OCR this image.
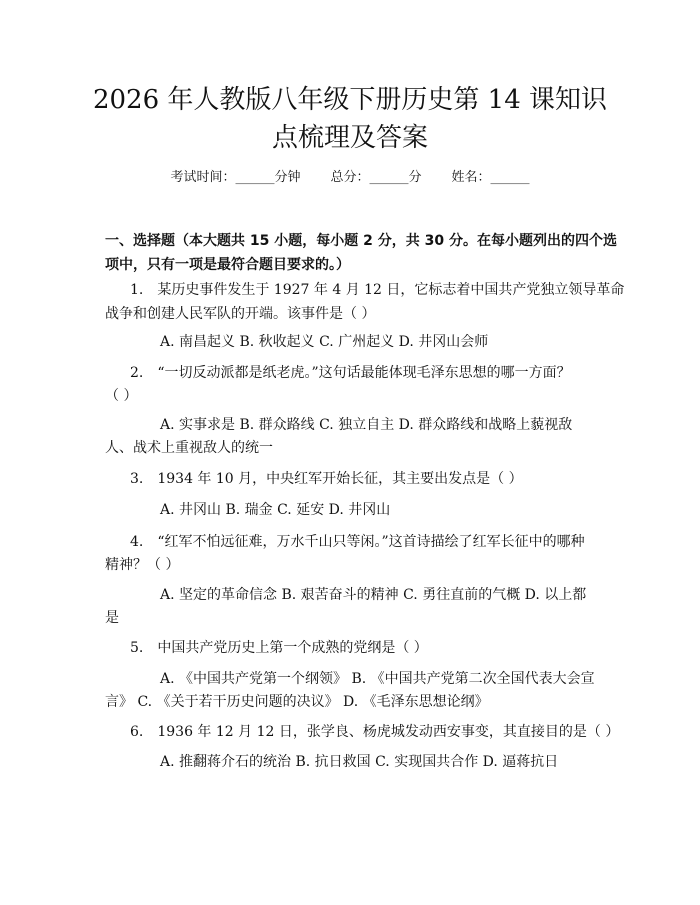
2026 年人教版八年级下册历史第 14 课知识
点梳理及答案
考试时间：______分钟 总分：______分 姓名：______
一、选择题（本大题共 15 小题，每小题 2 分，共 30 分。在每小题列出的四个选
项中，只有一项是最符合题目要求的。）
1.　某历史事件发生于 1927 年 4 月 12 日，它标志着中国共产党独立领导革命
战争和创建人民军队的开端。该事件是（ ）
A. 南昌起义 B. 秋收起义 C. 广州起义 D. 井冈山会师
2.　“一切反动派都是纸老虎。”这句话最能体现毛泽东思想的哪一方面？
（ ）
A. 实事求是 B. 群众路线 C. 独立自主 D. 群众路线和战略上藐视敌
人、战术上重视敌人的统一
3.　1934 年 10 月，中央红军开始长征，其主要出发点是（ ）
A. 井冈山 B. 瑞金 C. 延安 D. 井冈山
4.　“红军不怕远征难，万水千山只等闲。”这首诗描绘了红军长征中的哪种
精神？（ ）
A. 坚定的革命信念 B. 艰苦奋斗的精神 C. 勇往直前的气概 D. 以上都
是
5.　中国共产党历史上第一个成熟的党纲是（ ）
A. 《中国共产党第一个纲领》 B. 《中国共产党第二次全国代表大会宣
言》 C. 《关于若干历史问题的决议》 D. 《毛泽东思想论纲》
6.　1936 年 12 月 12 日，张学良、杨虎城发动西安事变，其直接目的是（ ）
A. 推翻蒋介石的统治 B. 抗日救国 C. 实现国共合作 D. 逼蒋抗日
